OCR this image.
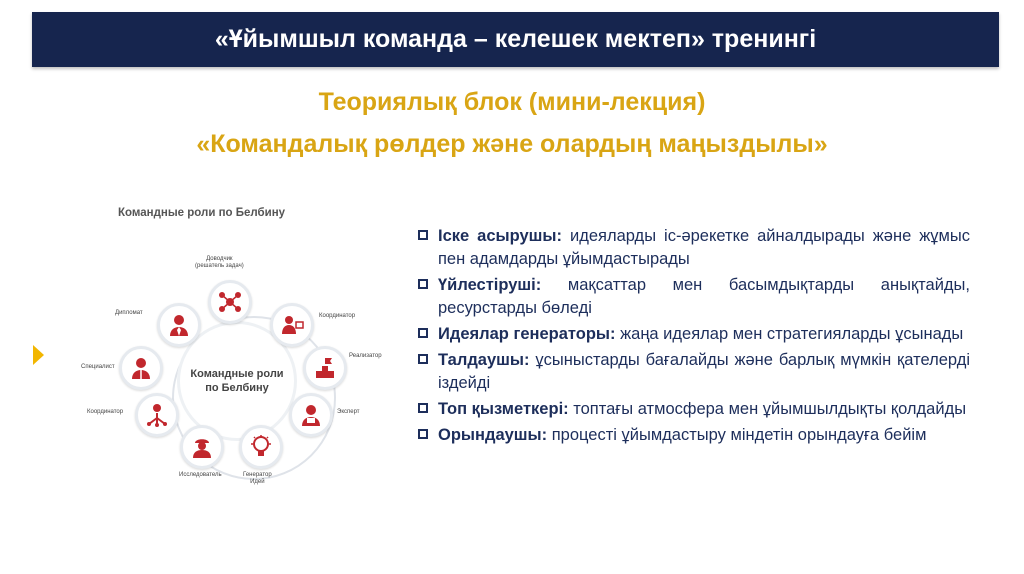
«Ұйымшыл команда – келешек мектеп» тренингі
Теориялық блок (мини-лекция)
«Командалық рөлдер және олардың маңыздылы»
Командные роли по Белбину
Командные роли
по Белбину
Доводчик
(решатель задач)
Координатор
Реализатор
Эксперт
Генератор
Идей
Исследователь
Координатор
Специалист
Дипломат
Іске асырушы: идеяларды іс-әрекетке айналдырады және жұмыс пен адамдарды ұйымдастырады
Үйлестіруші: мақсаттар мен басымдықтарды анықтайды, ресурстарды бөледі
Идеялар генераторы: жаңа идеялар мен стратегияларды ұсынады
Талдаушы: ұсыныстарды бағалайды және барлық мүмкін қателерді іздейді
Топ қызметкері: топтағы атмосфера мен ұйымшылдықты қолдайды
Орындаушы: процесті ұйымдастыру міндетін орындауға бейім
